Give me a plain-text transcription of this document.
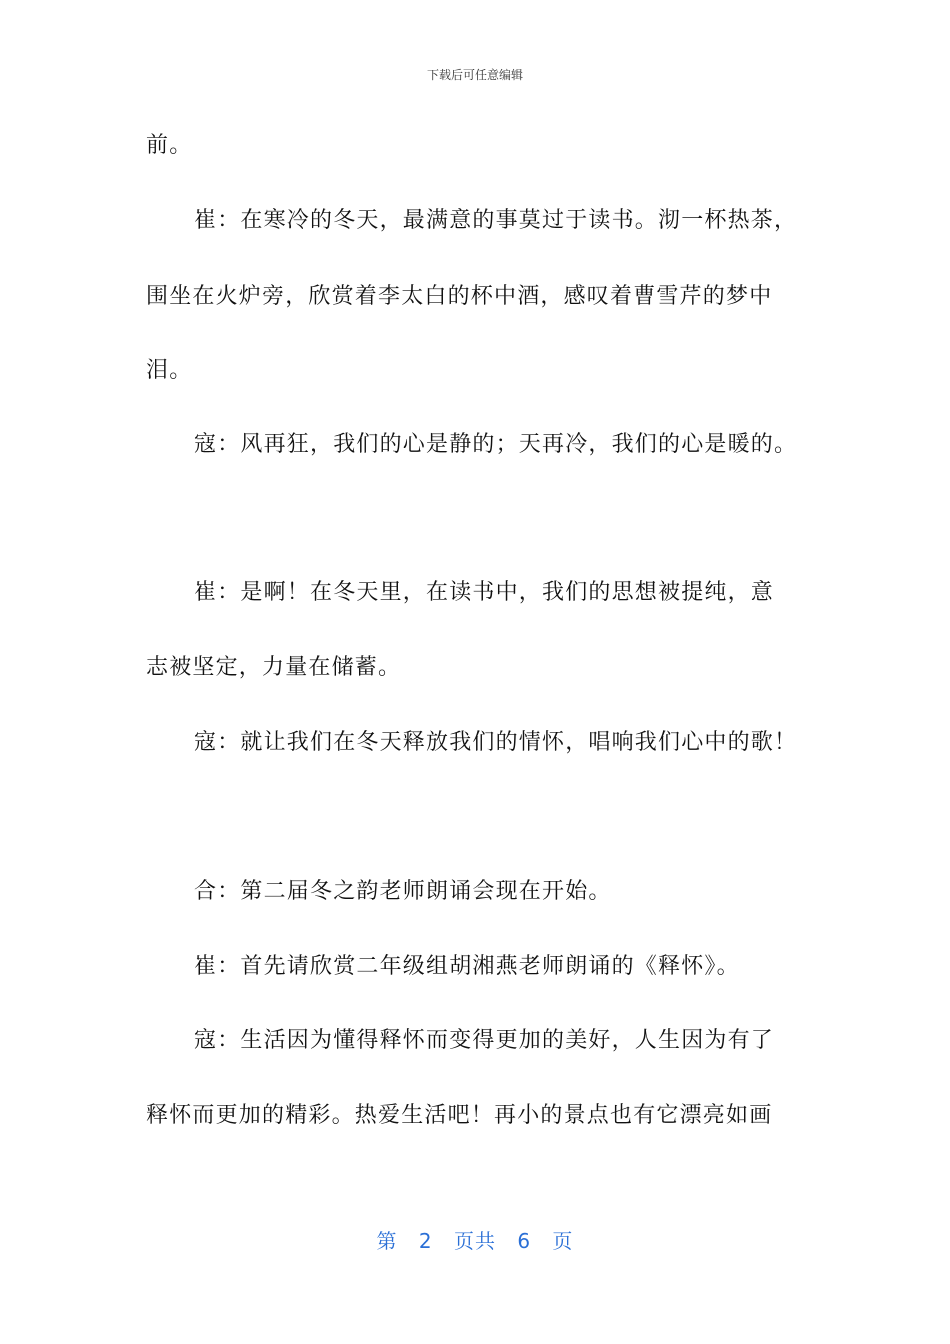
下载后可任意编辑
前。
崔：在寒冷的冬天，最满意的事莫过于读书。沏一杯热茶，
围坐在火炉旁，欣赏着李太白的杯中酒，感叹着曹雪芹的梦中
泪。
寇：风再狂，我们的心是静的；天再冷，我们的心是暖的。
崔：是啊！在冬天里，在读书中，我们的思想被提纯，意
志被坚定，力量在储蓄。
寇：就让我们在冬天释放我们的情怀，唱响我们心中的歌！
合：第二届冬之韵老师朗诵会现在开始。
崔：首先请欣赏二年级组胡湘燕老师朗诵的《释怀》。
寇：生活因为懂得释怀而变得更加的美好，人生因为有了
释怀而更加的精彩。热爱生活吧！再小的景点也有它漂亮如画
第 2 页共 6 页
